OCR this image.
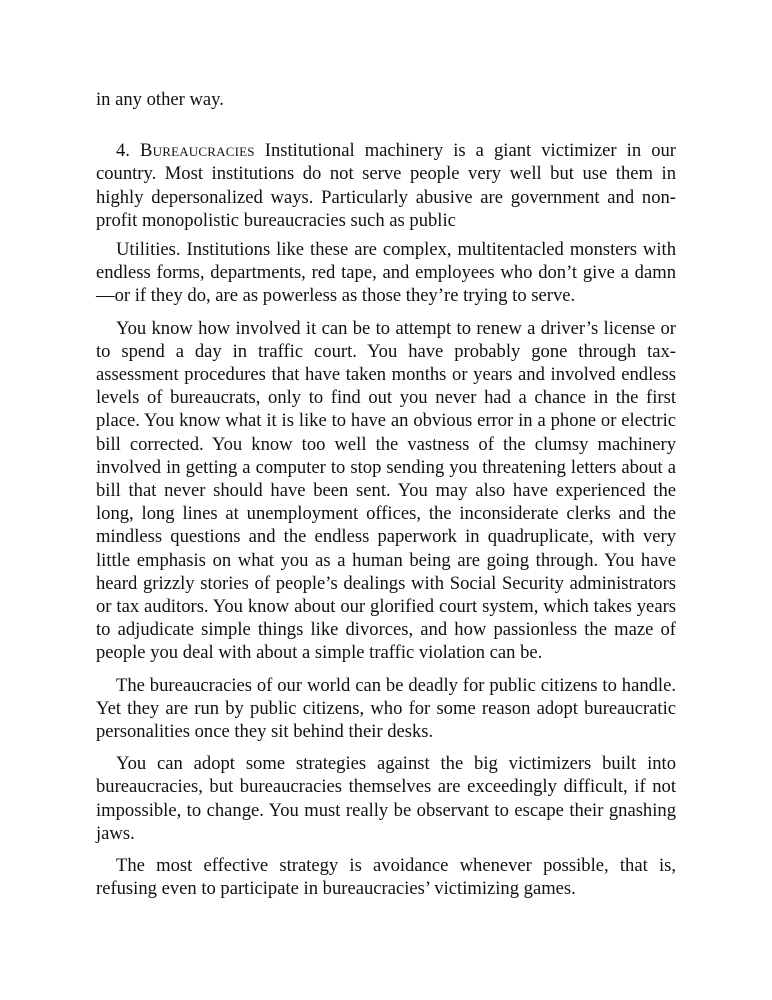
in any other way.

4. Bureaucracies Institutional machinery is a giant victimizer in our country. Most institutions do not serve people very well but use them in highly depersonalized ways. Particularly abusive are government and non-profit monopolistic bureaucracies such as public

Utilities. Institutions like these are complex, multitentacled monsters with endless forms, departments, red tape, and employees who don’t give a damn—or if they do, are as powerless as those they’re trying to serve.

You know how involved it can be to attempt to renew a driver’s license or to spend a day in traffic court. You have probably gone through tax-assessment procedures that have taken months or years and involved endless levels of bureaucrats, only to find out you never had a chance in the first place. You know what it is like to have an obvious error in a phone or electric bill corrected. You know too well the vastness of the clumsy machinery involved in getting a computer to stop sending you threatening letters about a bill that never should have been sent. You may also have experienced the long, long lines at unemployment offices, the inconsiderate clerks and the mindless questions and the endless paperwork in quadruplicate, with very little emphasis on what you as a human being are going through. You have heard grizzly stories of people’s dealings with Social Security administrators or tax auditors. You know about our glorified court system, which takes years to adjudicate simple things like divorces, and how passionless the maze of people you deal with about a simple traffic violation can be.

The bureaucracies of our world can be deadly for public citizens to handle. Yet they are run by public citizens, who for some reason adopt bureaucratic personalities once they sit behind their desks.

You can adopt some strategies against the big victimizers built into bureaucracies, but bureaucracies themselves are exceedingly difficult, if not impossible, to change. You must really be observant to escape their gnashing jaws.

The most effective strategy is avoidance whenever possible, that is, refusing even to participate in bureaucracies’ victimizing games.
